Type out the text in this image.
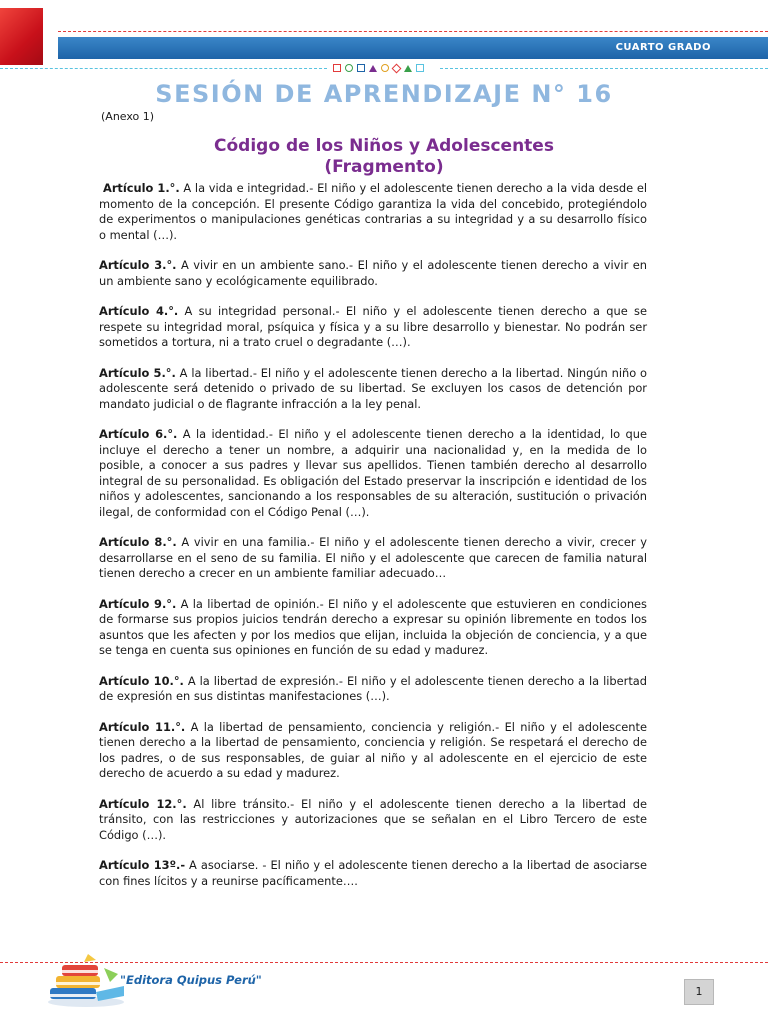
CUARTO GRADO
SESIÓN DE APRENDIZAJE N° 16

(Anexo 1)

Código de los Niños y Adolescentes
(Fragmento)

Artículo 1.°. A la vida e integridad.- El niño y el adolescente tienen derecho a la vida desde el momento de la concepción. El presente Código garantiza la vida del concebido, protegiéndolo de experimentos o manipulaciones genéticas contrarias a su integridad y a su desarrollo físico o mental (…).

Artículo 3.°. A vivir en un ambiente sano.- El niño y el adolescente tienen derecho a vivir en un ambiente sano y ecológicamente equilibrado.

Artículo 4.°. A su integridad personal.- El niño y el adolescente tienen derecho a que se respete su integridad moral, psíquica y física y a su libre desarrollo y bienestar. No podrán ser sometidos a tortura, ni a trato cruel o degradante (…).

Artículo 5.°. A la libertad.- El niño y el adolescente tienen derecho a la libertad. Ningún niño o adolescente será detenido o privado de su libertad. Se excluyen los casos de detención por mandato judicial o de flagrante infracción a la ley penal.

Artículo 6.°. A la identidad.- El niño y el adolescente tienen derecho a la identidad, lo que incluye el derecho a tener un nombre, a adquirir una nacionalidad y, en la medida de lo posible, a conocer a sus padres y llevar sus apellidos. Tienen también derecho al desarrollo integral de su personalidad. Es obligación del Estado preservar la inscripción e identidad de los niños y adolescentes, sancionando a los responsables de su alteración, sustitución o privación ilegal, de conformidad con el Código Penal (…).

Artículo 8.°. A vivir en una familia.- El niño y el adolescente tienen derecho a vivir, crecer y desarrollarse en el seno de su familia. El niño y el adolescente que carecen de familia natural tienen derecho a crecer en un ambiente familiar adecuado…

Artículo 9.°. A la libertad de opinión.- El niño y el adolescente que estuvieren en condiciones de formarse sus propios juicios tendrán derecho a expresar su opinión libremente en todos los asuntos que les afecten y por los medios que elijan, incluida la objeción de conciencia, y a que se tenga en cuenta sus opiniones en función de su edad y madurez.

Artículo 10.°. A la libertad de expresión.- El niño y el adolescente tienen derecho a la libertad de expresión en sus distintas manifestaciones (…).

Artículo 11.°. A la libertad de pensamiento, conciencia y religión.- El niño y el adolescente tienen derecho a la libertad de pensamiento, conciencia y religión. Se respetará el derecho de los padres, o de sus responsables, de guiar al niño y al adolescente en el ejercicio de este derecho de acuerdo a su edad y madurez.

Artículo 12.°. Al libre tránsito.- El niño y el adolescente tienen derecho a la libertad de tránsito, con las restricciones y autorizaciones que se señalan en el Libro Tercero de este Código (…).

Artículo 13º.- A asociarse. - El niño y el adolescente tienen derecho a la libertad de asociarse con fines lícitos y a reunirse pacíficamente….

"Editora Quipus Perú"

1
